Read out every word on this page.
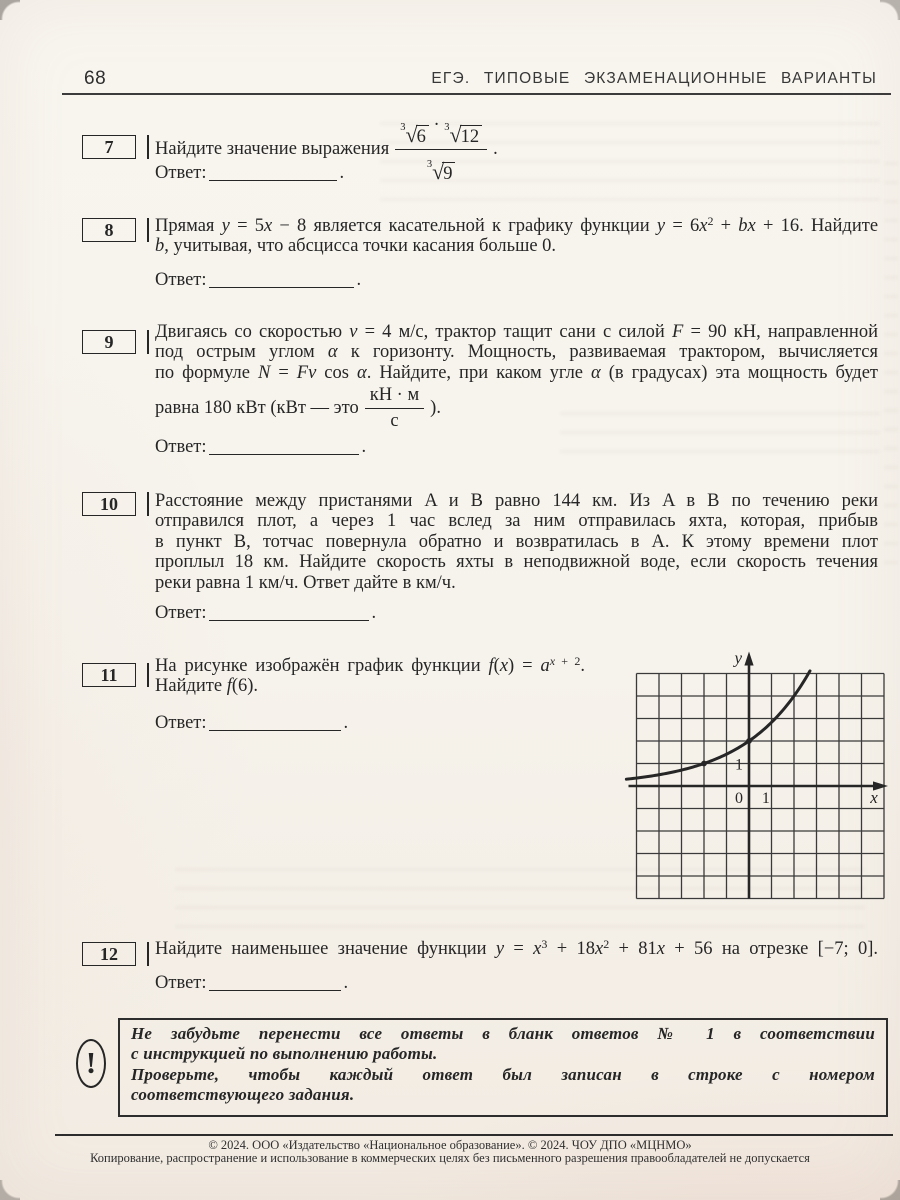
68	ЕГЭ. ТИПОВЫЕ ЭКЗАМЕНАЦИОННЫЕ ВАРИАНТЫ
7	Найдите значение выражения 3 √ 6
· 3 √ 12
3 √ 9 .
Ответ:	.
8	Прямая y = 5x − 8 является касательной к графику функции $y = 6x^2$ + bx + 16. Найдите
b, учитывая, что абсцисса точки касания больше 0.
Ответ:	.
9	Двигаясь со скоростью v = 4 м/с, трактор тащит сани с силой F = 90 кН, направленной
под острым углом α к горизонту. Мощность, развиваемая трактором, вычисляется
по формуле N = Fv cos α. Найдите, при каком угле α (в градусах) эта мощность будет
равна 180 кВт (кВт — это $\frac{кН \cdot м}{с}$ ).
Ответ:	.
10	Расстояние между пристанями A и B равно 144 км. Из A в B по течению реки
отправился плот, а через 1 час вслед за ним отправилась яхта, которая, прибыв
в пункт B, тотчас повернула обратно и возвратилась в A. К этому времени плот
проплыл 18 км. Найдите скорость яхты в неподвижной воде, если скорость течения
реки равна 1 км/ч. Ответ дайте в км/ч.
Ответ:	.
11	На рисунке изображён график функции $f(x) = a^{x + 2}$.
Найдите f(6).
Ответ:	.
12	Найдите наименьшее значение функции $y = x^3 + 18x^2 + 81x + 56$ на отрезке [−7; 0].
Ответ:	.
y
x
0 1
1
!
Не забудьте перенести все ответы в бланк ответов № 1 в соответствии
с инструкцией по выполнению работы.
Проверьте, чтобы каждый ответ был записан в строке с номером
соответствующего задания.
© 2024. ООО «Издательство «Национальное образование». © 2024. ЧОУ ДПО «МЦНМО»
Копирование, распространение и использование в коммерческих целях без письменного разрешения правообладателей не допускается
